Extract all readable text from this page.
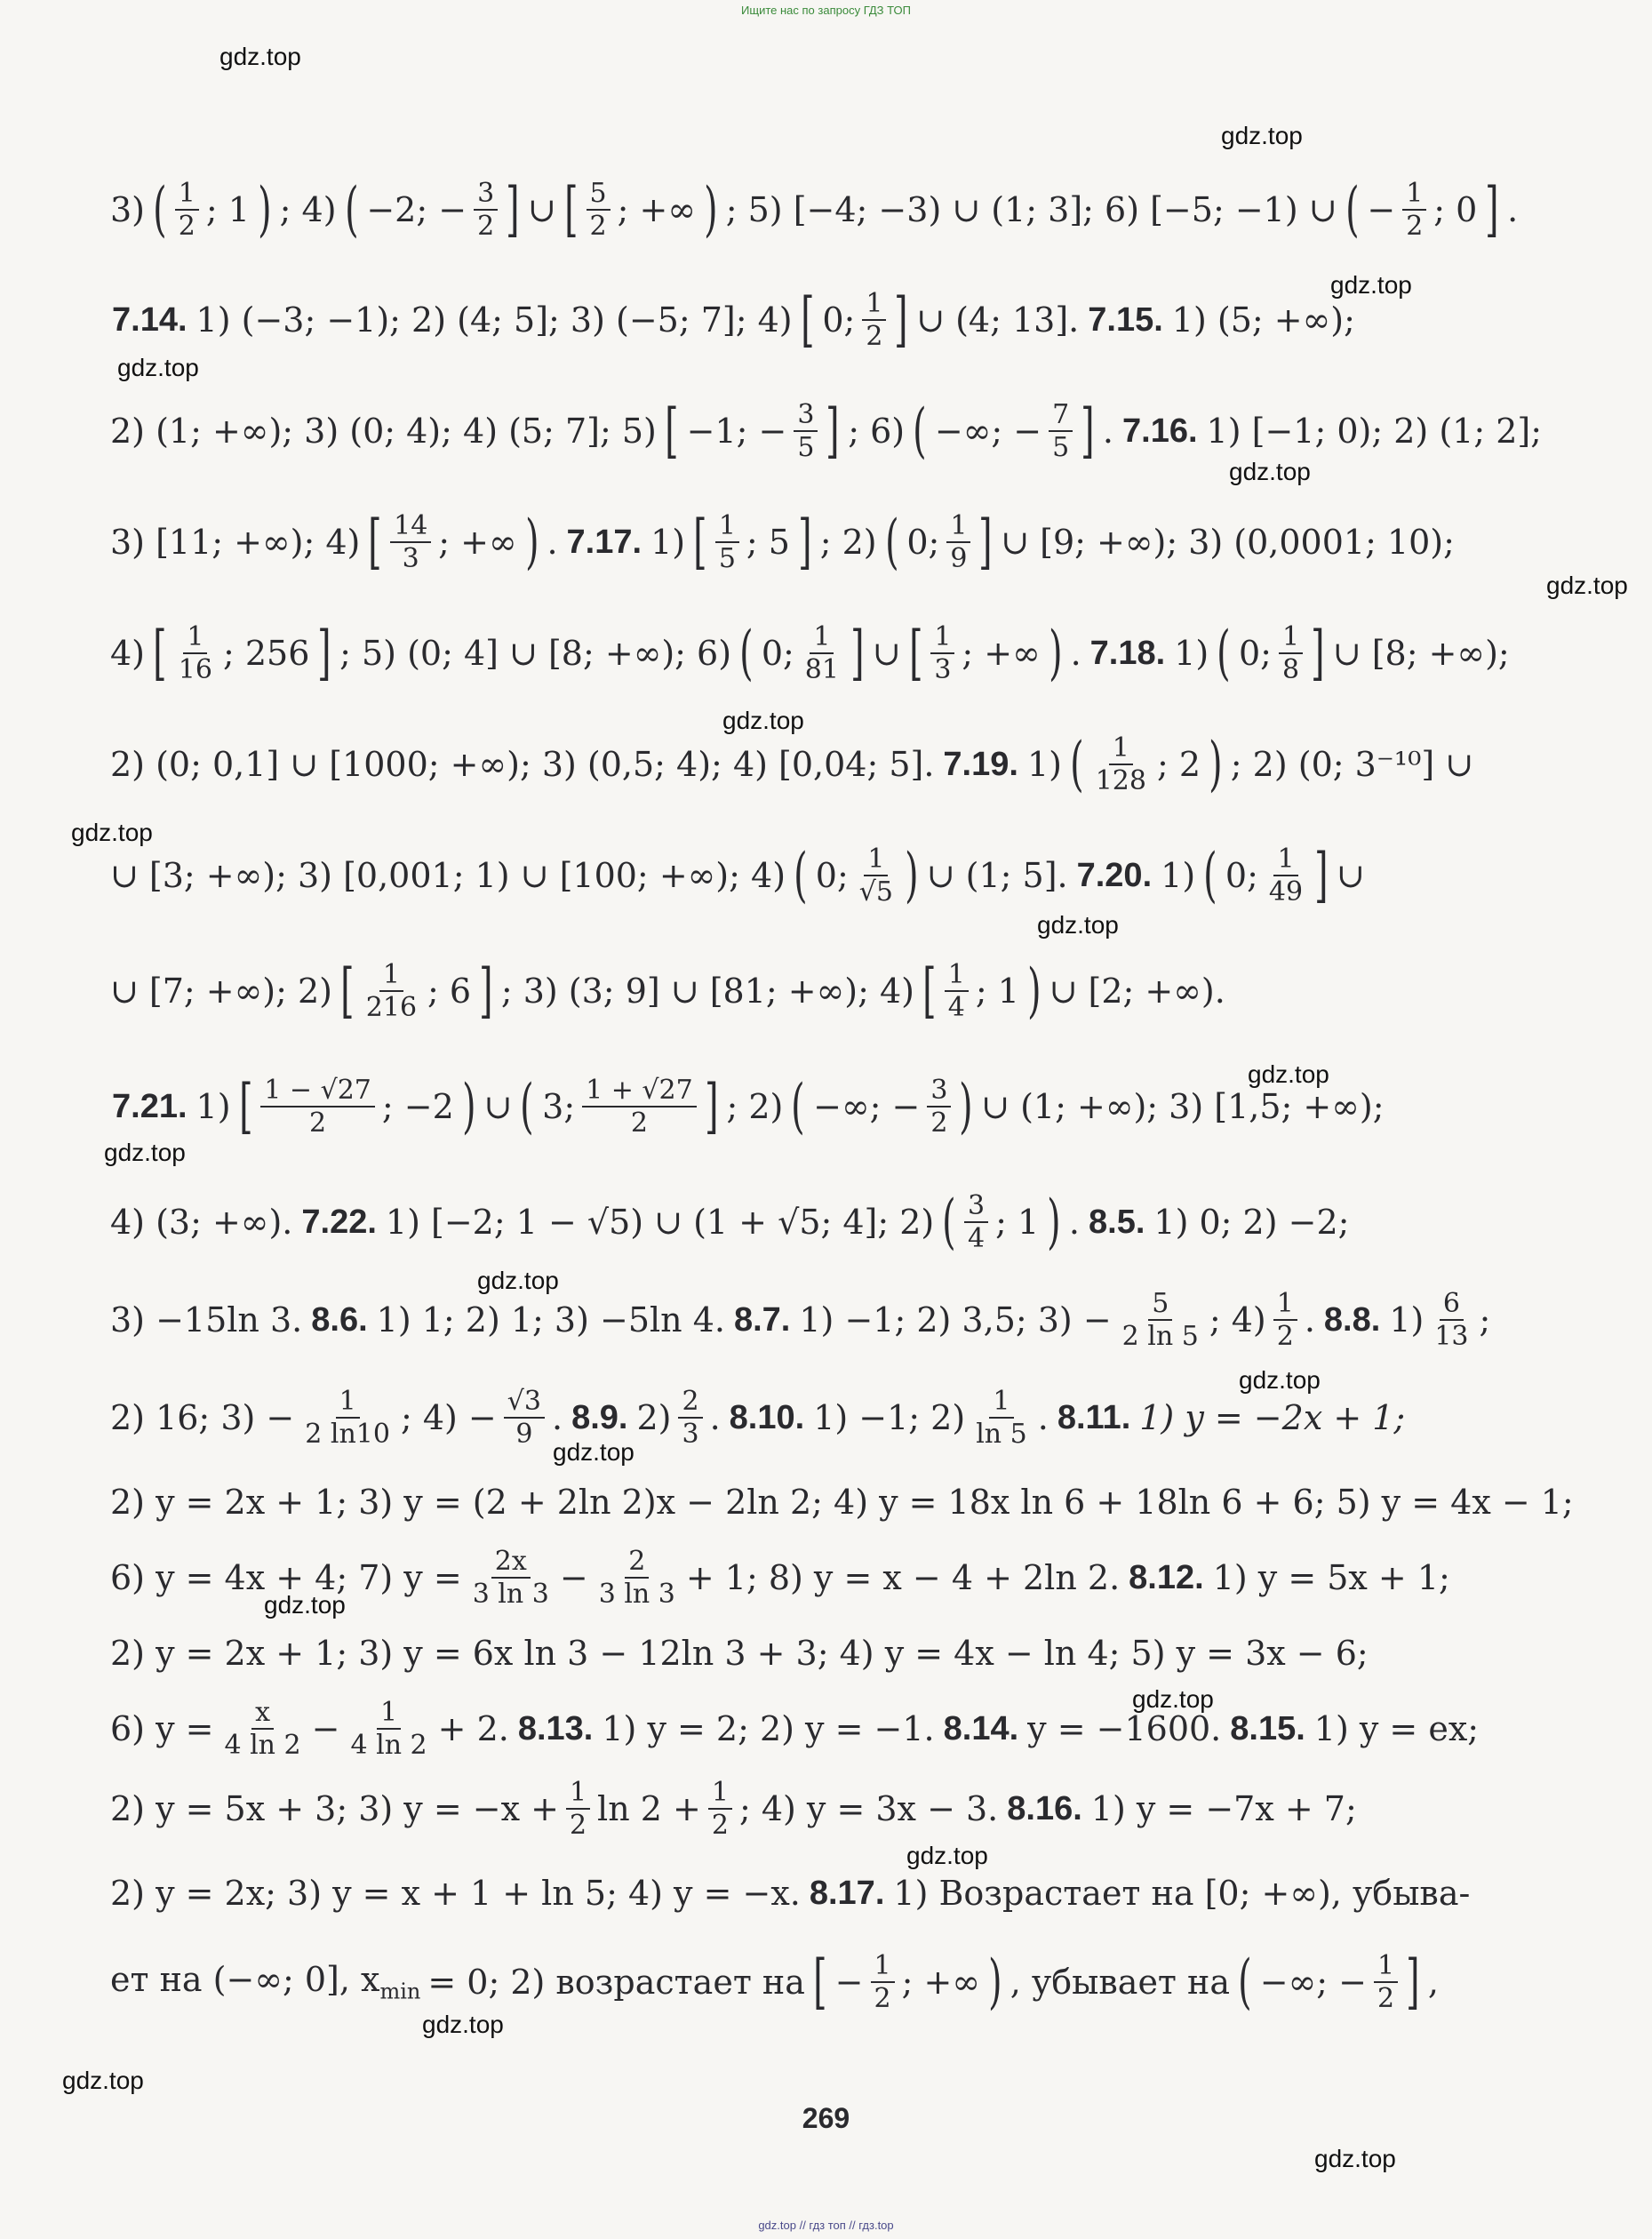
Ищите нас по запросу ГДЗ ТОП
gdz.top
gdz.top
gdz.top
gdz.top
gdz.top
gdz.top
gdz.top
gdz.top
gdz.top
gdz.top
gdz.top
gdz.top
gdz.top
gdz.top
gdz.top
gdz.top
gdz.top
gdz.top
gdz.top
gdz.top
3) ( 1
2 ; 1 ) ; 4) ( −2; − $\frac{3}{2}$ ] ∪ [ 5
2 ; +∞ ) ; 5) [−4; −3) ∪ (1; 3]; 6) [−5; −1) ∪ ( − $\frac{1}{2}$ ; 0 ] .
7.14. 1) (−3; −1); 2) (4; 5]; 3) (−5; 7]; 4) [ 0; 1
2 ] ∪ (4; 13]. 7.15. 1) (5; +∞);
2) (1; +∞); 3) (0; 4); 4) (5; 7]; 5) [ −1; − $\frac{3}{5}$ ] ; 6) ( −∞; − $\frac{7}{5}$ ] . 7.16. 1) [−1; 0); 2) (1; 2];
3) [11; +∞); 4) [ 14
3 ; +∞ ) . 7.17. 1) [ 1
5 ; 5 ] ; 2) ( 0; 1
9 ] ∪ [9; +∞); 3) (0,0001; 10);
4) [ 1
16 ; 256 ] ; 5) (0; 4] ∪ [8; +∞); 6) ( 0; 1
81 ] ∪ [ 1
3 ; +∞ ) . 7.18. 1) ( 0; 1
8 ] ∪ [8; +∞);
2) (0; 0,1] ∪ [1000; +∞); 3) (0,5; 4); 4) [0,04; 5]. 7.19. 1) ( 1
128 ; 2 ) ; 2) (0; 3⁻¹⁰] ∪
∪ [3; +∞); 3) [0,001; 1) ∪ [100; +∞); 4) ( 0; 1
√5 ) ∪ (1; 5]. 7.20. 1) ( 0; 1
49 ] ∪
∪ [7; +∞); 2) [ 1
216 ; 6 ] ; 3) (3; 9] ∪ [81; +∞); 4) [ 1
4 ; 1 ) ∪ [2; +∞).
7.21. 1) [ 1 − √27
2 ; −2 ) ∪ ( 3; 1 + √27
2 ] ; 2) ( −∞; − $\frac{3}{2}$ ) ∪ (1; +∞); 3) [1,5; +∞);
4) (3; +∞). 7.22. 1) [−2; 1 − √5) ∪ (1 + √5; 4]; 2) ( 3
4 ; 1 ) . 8.5. 1) 0; 2) −2;
3) −15ln 3. 8.6. 1) 1; 2) 1; 3) −5ln 4. 8.7. 1) −1; 2) 3,5; $3) - \frac{5}{2 \ln 5}$ ; 4) 1
2 . 8.8. 1) 6
13 ;
2) 16; $3) - \frac{1}{2 \ln 10}$ ; $4) - \frac{√3}{9}$ . 8.9. 2) 2
3 . 8.10. 1) −1; 2) 1
ln 5 . 8.11. 1) y = −2x + 1;
2) y = 2x + 1; 3) y = (2 + 2ln 2)x − 2ln 2; 4) y = 18x ln 6 + 18ln 6 + 6; 5) y = 4x − 1;
6) y = 4x + 4; 7) $y = \frac{2x}{3 \ln 3} - \frac{2}{3 \ln 3} + 1$; 8) y = x − 4 + 2ln 2. 8.12. 1) y = 5x + 1;
2) y = 2x + 1; 3) y = 6x ln 3 − 12ln 3 + 3; 4) y = 4x − ln 4; 5) y = 3x − 6;
6) $y = \frac{x}{4 \ln 2} - \frac{1}{4 \ln 2} + 2$. 8.13. 1) y = 2; 2) y = −1. 8.14. y = −1600. 8.15. 1) y = ex;
2) y = 5x + 3; 3) $y = -x + \frac{1}{2}$ $\ln 2 + \frac{1}{2}$ ; 4) y = 3x − 3. 8.16. 1) y = −7x + 7;
2) y = 2x; 3) y = x + 1 + ln 5; 4) y = −x. 8.17. 1) Возрастает на [0; +∞), убыва-
ет на (−∞; 0], $x_{min} = 0$; 2) возрастает на [ − $\frac{1}{2}$ ; +∞ ) , убывает на ( −∞; − $\frac{1}{2}$ ] ,
269
gdz.top // гдз топ // гдз.top
